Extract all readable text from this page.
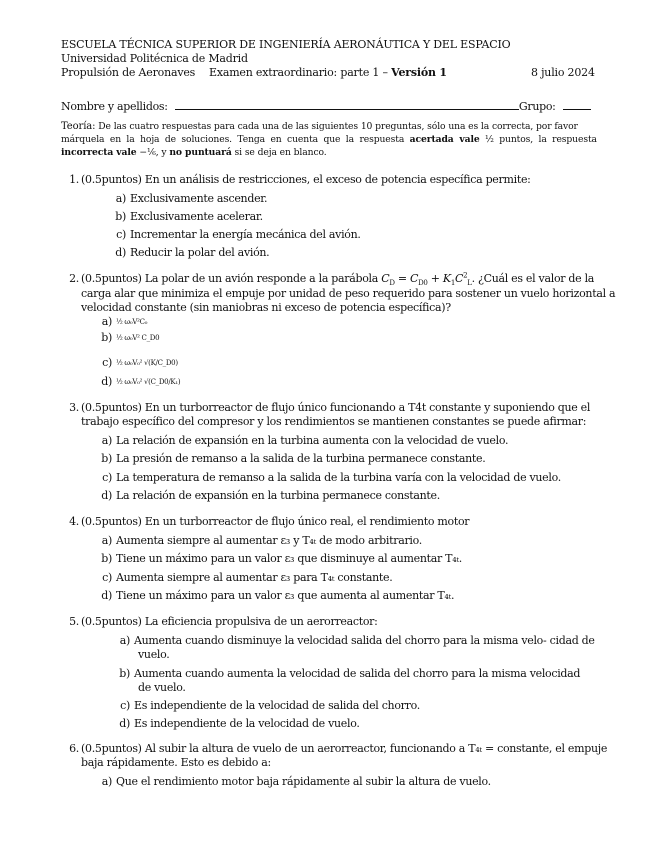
ESCUELA TÉCNICA SUPERIOR DE INGENIERÍA AERONÁUTICA Y DEL ESPACIO
Universidad Politécnica de Madrid
Propulsión de Aeronaves Examen extraordinario: parte 1 – Versión 1	8 julio 2024
Nombre y apellidos:	Grupo:
Teoría: De las cuatro respuestas para cada una de las siguientes 10 preguntas, sólo una es la correcta, por favor
márquela en la hoja de soluciones. Tenga en cuenta que la respuesta acertada vale ½ puntos, la respuesta
incorrecta vale −⅙, y no puntuará si se deja en blanco.
1. (0.5puntos) En un análisis de restricciones, el exceso de potencia específica permite:
a) Exclusivamente ascender.
b) Exclusivamente acelerar.
c) Incrementar la energía mecánica del avión.
d) Reducir la polar del avión.
2. (0.5puntos) La polar de un avión responde a la parábola $C_D = C_{D0} + K_1C^2_L$. ¿Cuál es el valor de la
carga alar que minimiza el empuje por unidad de peso requerido para sostener un vuelo horizontal a
velocidad constante (sin maniobras ni exceso de potencia específica)?
a) ½ ω₀V²C₀
b) ½ ω₀V² C_D0
c) ½ ω₀V₀² √(K/C_D0)
d) ½ ω₀V₀² √(C_D0/K₁)
3. (0.5puntos) En un turborreactor de flujo único funcionando a T4t constante y suponiendo que el
trabajo específico del compresor y los rendimientos se mantienen constantes se puede afirmar:
a) La relación de expansión en la turbina aumenta con la velocidad de vuelo.
b) La presión de remanso a la salida de la turbina permanece constante.
c) La temperatura de remanso a la salida de la turbina varía con la velocidad de vuelo.
d) La relación de expansión en la turbina permanece constante.
4. (0.5puntos) En un turborreactor de flujo único real, el rendimiento motor
a) Aumenta siempre al aumentar ε₃ y T₄ₜ de modo arbitrario.
b) Tiene un máximo para un valor ε₃ que disminuye al aumentar T₄ₜ.
c) Aumenta siempre al aumentar ε₃ para T₄ₜ constante.
d) Tiene un máximo para un valor ε₃ que aumenta al aumentar T₄ₜ.
5. (0.5puntos) La eficiencia propulsiva de un aerorreactor:
a) Aumenta cuando disminuye la velocidad salida del chorro para la misma velo- cidad de
vuelo.
b) Aumenta cuando aumenta la velocidad de salida del chorro para la misma velocidad
de vuelo.
c) Es independiente de la velocidad de salida del chorro.
d) Es independiente de la velocidad de vuelo.
6. (0.5puntos) Al subir la altura de vuelo de un aerorreactor, funcionando a T₄ₜ = constante, el empuje
baja rápidamente. Esto es debido a:
a) Que el rendimiento motor baja rápidamente al subir la altura de vuelo.
